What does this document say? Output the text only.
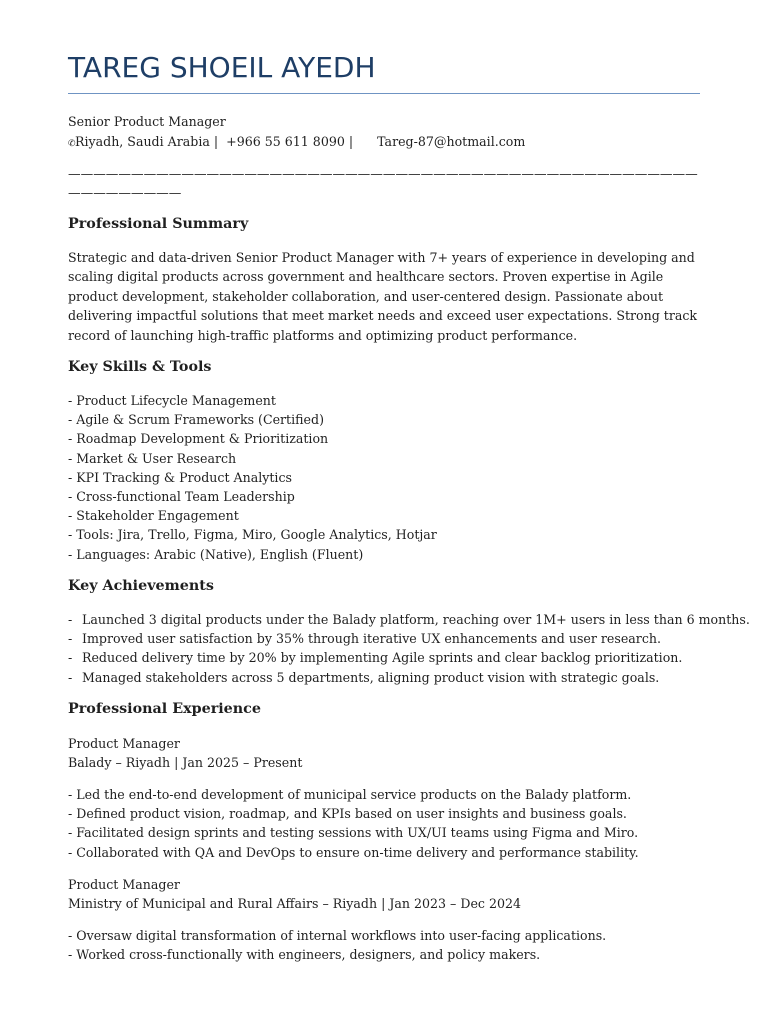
TAREG SHOEIL AYEDH
Senior Product Manager
✆Riyadh, Saudi Arabia | +966 55 611 8090 | Tareg-87@hotmail.com
———————————————————————————————————————————————————————————
Professional Summary
Strategic and data-driven Senior Product Manager with 7+ years of experience in developing and scaling digital products across government and healthcare sectors. Proven expertise in Agile product development, stakeholder collaboration, and user-centered design. Passionate about delivering impactful solutions that meet market needs and exceed user expectations. Strong track record of launching high-traffic platforms and optimizing product performance.
Key Skills & Tools
- Product Lifecycle Management
- Agile & Scrum Frameworks (Certified)
- Roadmap Development & Prioritization
- Market & User Research
- KPI Tracking & Product Analytics
- Cross-functional Team Leadership
- Stakeholder Engagement
- Tools: Jira, Trello, Figma, Miro, Google Analytics, Hotjar
- Languages: Arabic (Native), English (Fluent)
Key Achievements
- Launched 3 digital products under the Balady platform, reaching over 1M+ users in less than 6 months.
- Improved user satisfaction by 35% through iterative UX enhancements and user research.
- Reduced delivery time by 20% by implementing Agile sprints and clear backlog prioritization.
- Managed stakeholders across 5 departments, aligning product vision with strategic goals.
Professional Experience
Product Manager
Balady – Riyadh | Jan 2025 – Present
- Led the end-to-end development of municipal service products on the Balady platform.
- Defined product vision, roadmap, and KPIs based on user insights and business goals.
- Facilitated design sprints and testing sessions with UX/UI teams using Figma and Miro.
- Collaborated with QA and DevOps to ensure on-time delivery and performance stability.
Product Manager
Ministry of Municipal and Rural Affairs – Riyadh | Jan 2023 – Dec 2024
- Oversaw digital transformation of internal workflows into user-facing applications.
- Worked cross-functionally with engineers, designers, and policy makers.
